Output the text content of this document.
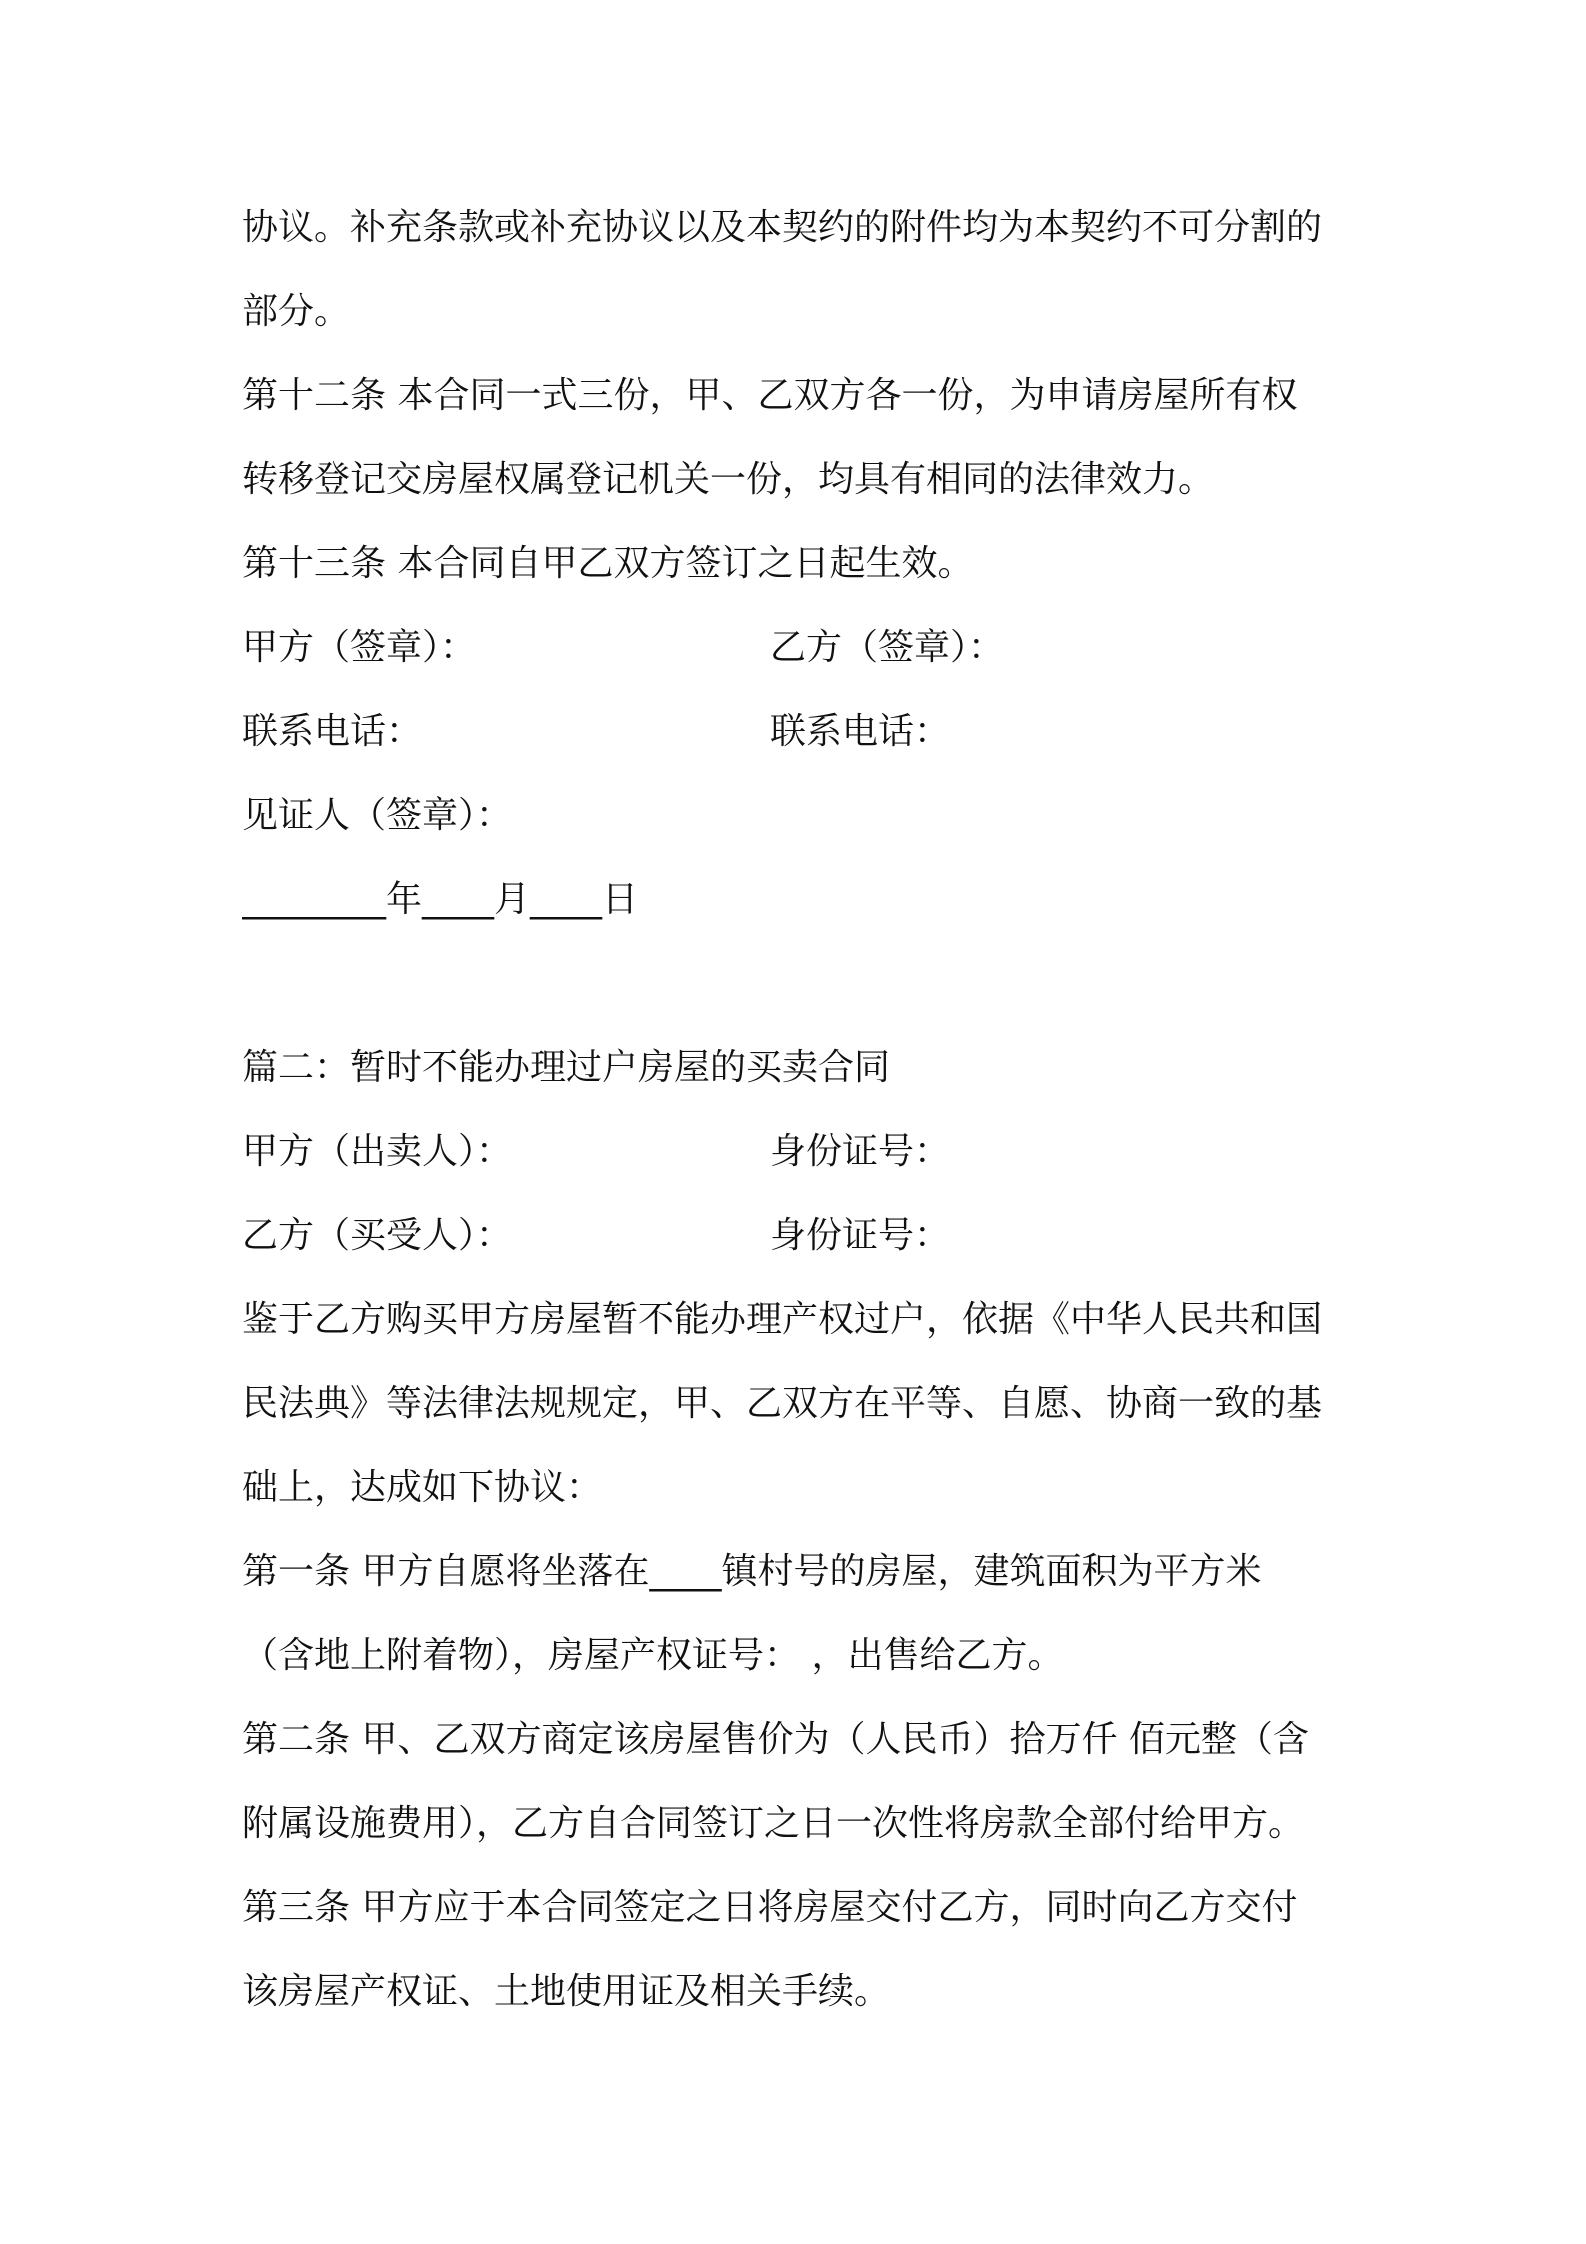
协议。补充条款或补充协议以及本契约的附件均为本契约不可分割的
部分。
第十二条 本合同一式三份，甲、乙双方各一份，为申请房屋所有权
转移登记交房屋权属登记机关一份，均具有相同的法律效力。
第十三条 本合同自甲乙双方签订之日起生效。
甲方（签章）：	乙方（签章）：
联系电话：	联系电话：
见证人（签章）：
________年____月____日
篇二：暂时不能办理过户房屋的买卖合同
甲方（出卖人）：	身份证号：
乙方（买受人）：	身份证号：
鉴于乙方购买甲方房屋暂不能办理产权过户，依据《中华人民共和国
民法典》等法律法规规定，甲、乙双方在平等、自愿、协商一致的基
础上，达成如下协议：
第一条 甲方自愿将坐落在____镇村号的房屋，建筑面积为平方米
（含地上附着物），房屋产权证号： ，出售给乙方。
第二条 甲、乙双方商定该房屋售价为（人民币）拾万仟 佰元整（含
附属设施费用），乙方自合同签订之日一次性将房款全部付给甲方。
第三条 甲方应于本合同签定之日将房屋交付乙方，同时向乙方交付
该房屋产权证、土地使用证及相关手续。
